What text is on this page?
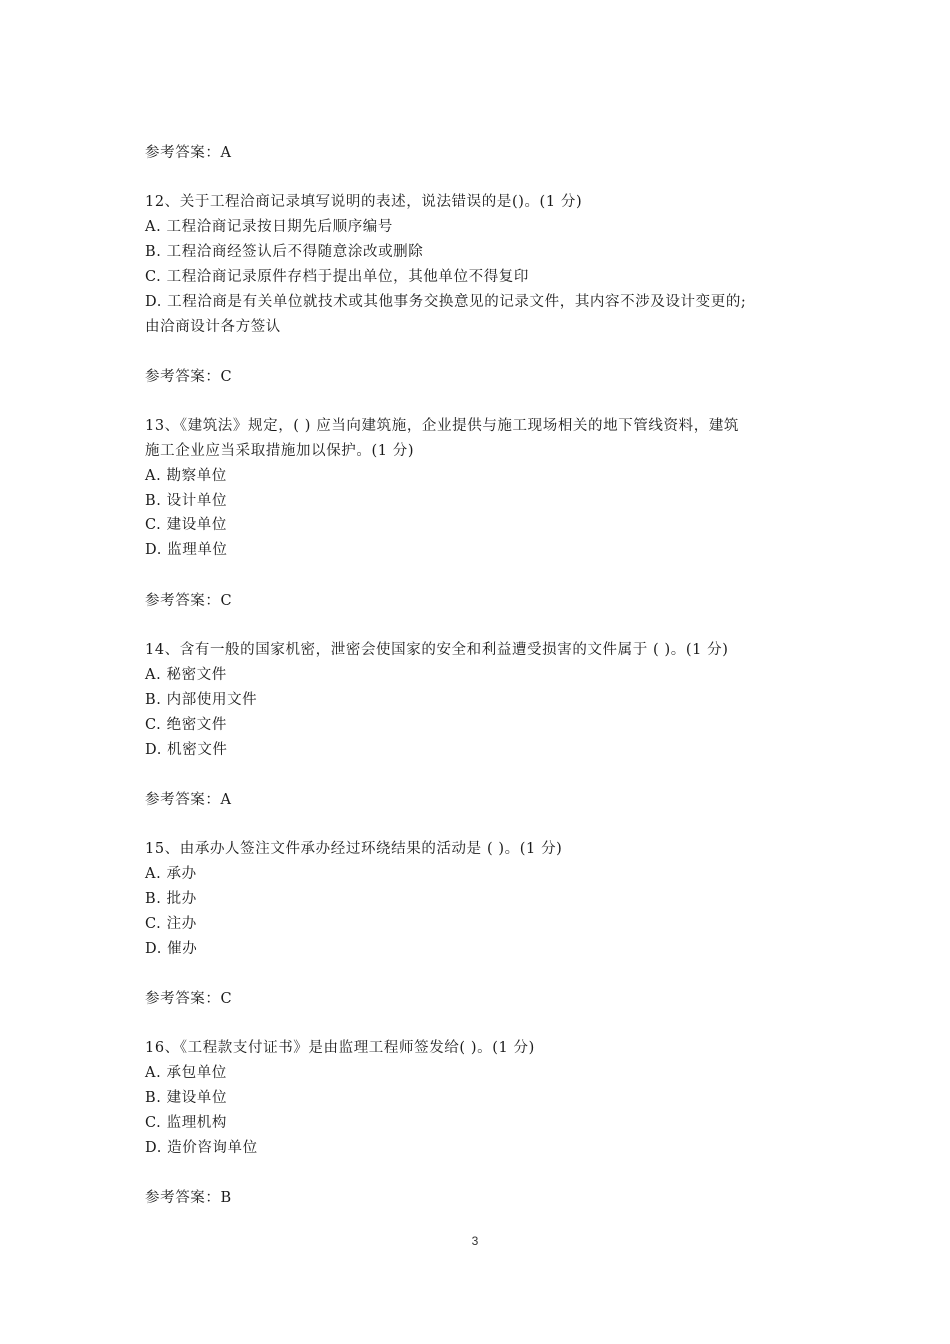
参考答案：A
12、关于工程洽商记录填写说明的表述，说法错误的是()。(1 分)
A. 工程洽商记录按日期先后顺序编号
B. 工程洽商经签认后不得随意涂改或删除
C. 工程洽商记录原件存档于提出单位，其他单位不得复印
D. 工程洽商是有关单位就技术或其他事务交换意见的记录文件，其内容不涉及设计变更的;
由洽商设计各方签认
参考答案：C
13、《建筑法》规定，( ) 应当向建筑施，企业提供与施工现场相关的地下管线资料，建筑
施工企业应当采取措施加以保护。(1 分)
A. 勘察单位
B. 设计单位
C. 建设单位
D. 监理单位
参考答案：C
14、含有一般的国家机密，泄密会使国家的安全和利益遭受损害的文件属于 ( )。(1 分)
A. 秘密文件
B. 内部使用文件
C. 绝密文件
D. 机密文件
参考答案：A
15、由承办人签注文件承办经过环绕结果的活动是 ( )。(1 分)
A. 承办
B. 批办
C. 注办
D. 催办
参考答案：C
16、《工程款支付证书》是由监理工程师签发给( )。(1 分)
A. 承包单位
B. 建设单位
C. 监理机构
D. 造价咨询单位
参考答案：B
3
